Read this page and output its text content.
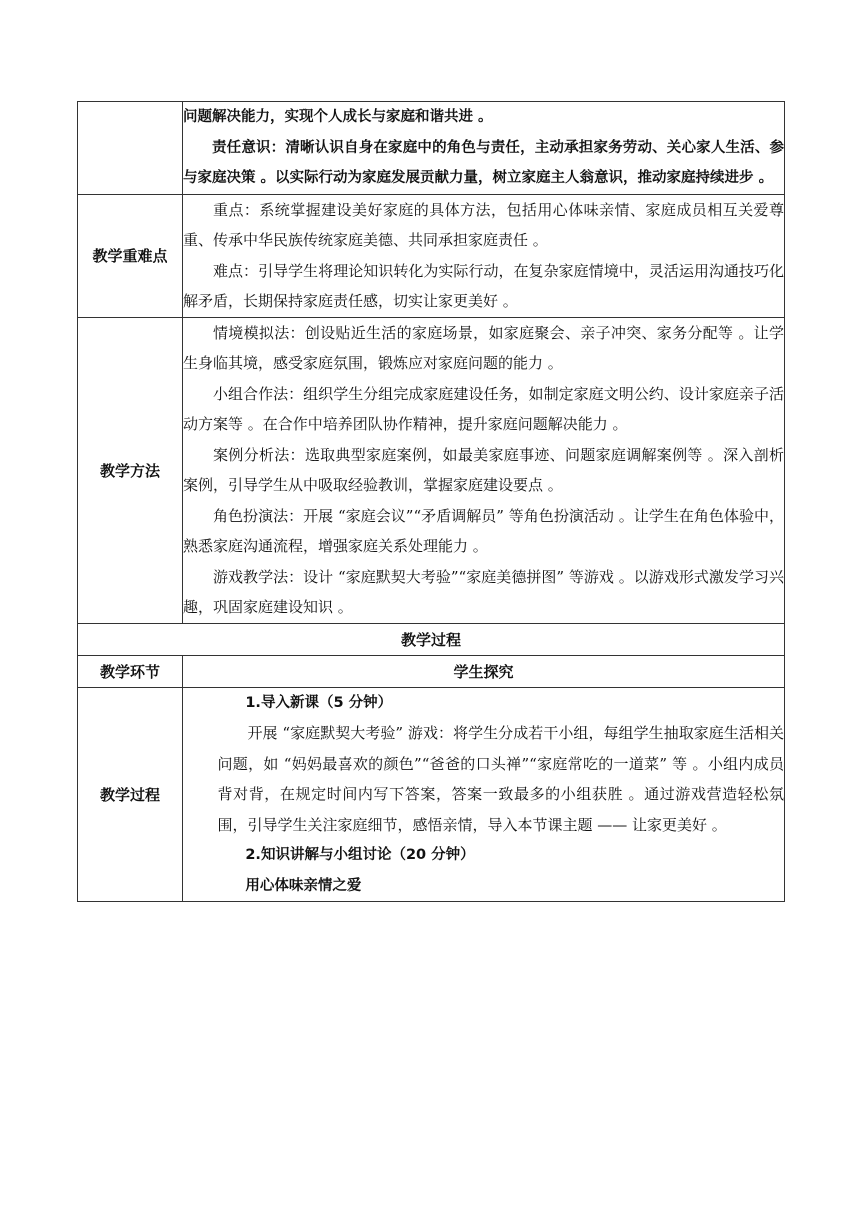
	问题解决能力，实现个人成长与家庭和谐共进 。

责任意识：清晰认识自身在家庭中的角色与责任，主动承担家务劳动、关心家人生活、参与家庭决策 。以实际行动为家庭发展贡献力量，树立家庭主人翁意识，推动家庭持续进步 。

教学重难点	重点：系统掌握建设美好家庭的具体方法，包括用心体味亲情、家庭成员相互关爱尊重、传承中华民族传统家庭美德、共同承担家庭责任 。

难点：引导学生将理论知识转化为实际行动，在复杂家庭情境中，灵活运用沟通技巧化解矛盾，长期保持家庭责任感，切实让家更美好 。

教学方法	情境模拟法：创设贴近生活的家庭场景，如家庭聚会、亲子冲突、家务分配等 。让学生身临其境，感受家庭氛围，锻炼应对家庭问题的能力 。

小组合作法：组织学生分组完成家庭建设任务，如制定家庭文明公约、设计家庭亲子活动方案等 。在合作中培养团队协作精神，提升家庭问题解决能力 。

案例分析法：选取典型家庭案例，如最美家庭事迹、问题家庭调解案例等 。深入剖析案例，引导学生从中吸取经验教训，掌握家庭建设要点 。

角色扮演法：开展 “家庭会议”“矛盾调解员” 等角色扮演活动 。让学生在角色体验中，熟悉家庭沟通流程，增强家庭关系处理能力 。

游戏教学法：设计 “家庭默契大考验”“家庭美德拼图” 等游戏 。以游戏形式激发学习兴趣，巩固家庭建设知识 。

教学过程	
教学环节	学生探究
教学过程	1.导入新课（5 分钟）

开展 “家庭默契大考验” 游戏：将学生分成若干小组，每组学生抽取家庭生活相关问题，如 “妈妈最喜欢的颜色”“爸爸的口头禅”“家庭常吃的一道菜” 等 。小组内成员背对背，在规定时间内写下答案，答案一致最多的小组获胜 。通过游戏营造轻松氛围，引导学生关注家庭细节，感悟亲情，导入本节课主题 —— 让家更美好 。

2.知识讲解与小组讨论（20 分钟）

用心体味亲情之爱
